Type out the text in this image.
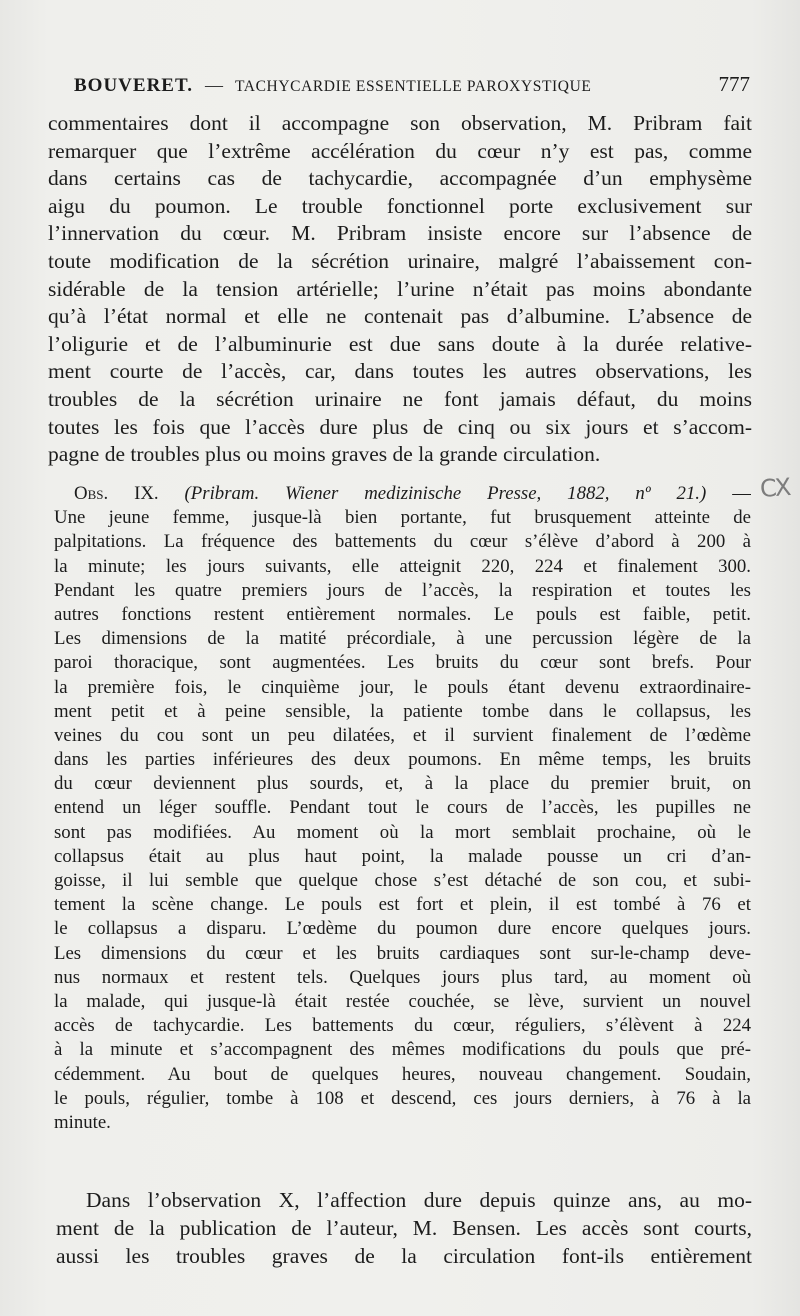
BOUVERET. — TACHYCARDIE ESSENTIELLE PAROXYSTIQUE	777
commentaires dont il accompagne son observation, M. Pribram fait
remarquer que l’extrême accélération du cœur n’y est pas, comme
dans certains cas de tachycardie, accompagnée d’un emphysème
aigu du poumon. Le trouble fonctionnel porte exclusivement sur
l’innervation du cœur. M. Pribram insiste encore sur l’absence de
toute modification de la sécrétion urinaire, malgré l’abaissement con-
sidérable de la tension artérielle; l’urine n’était pas moins abondante
qu’à l’état normal et elle ne contenait pas d’albumine. L’absence de
l’oligurie et de l’albuminurie est due sans doute à la durée relative-
ment courte de l’accès, car, dans toutes les autres observations, les
troubles de la sécrétion urinaire ne font jamais défaut, du moins
toutes les fois que l’accès dure plus de cinq ou six jours et s’accom-
pagne de troubles plus ou moins graves de la grande circulation.
Obs. IX. (Pribram. Wiener medizinische Presse, 1882, nº 21.) —
Une jeune femme, jusque-là bien portante, fut brusquement atteinte de
palpitations. La fréquence des battements du cœur s’élève d’abord à 200 à
la minute; les jours suivants, elle atteignit 220, 224 et finalement 300.
Pendant les quatre premiers jours de l’accès, la respiration et toutes les
autres fonctions restent entièrement normales. Le pouls est faible, petit.
Les dimensions de la matité précordiale, à une percussion légère de la
paroi thoracique, sont augmentées. Les bruits du cœur sont brefs. Pour
la première fois, le cinquième jour, le pouls étant devenu extraordinaire-
ment petit et à peine sensible, la patiente tombe dans le collapsus, les
veines du cou sont un peu dilatées, et il survient finalement de l’œdème
dans les parties inférieures des deux poumons. En même temps, les bruits
du cœur deviennent plus sourds, et, à la place du premier bruit, on
entend un léger souffle. Pendant tout le cours de l’accès, les pupilles ne
sont pas modifiées. Au moment où la mort semblait prochaine, où le
collapsus était au plus haut point, la malade pousse un cri d’an-
goisse, il lui semble que quelque chose s’est détaché de son cou, et subi-
tement la scène change. Le pouls est fort et plein, il est tombé à 76 et
le collapsus a disparu. L’œdème du poumon dure encore quelques jours.
Les dimensions du cœur et les bruits cardiaques sont sur-le-champ deve-
nus normaux et restent tels. Quelques jours plus tard, au moment où
la malade, qui jusque-là était restée couchée, se lève, survient un nouvel
accès de tachycardie. Les battements du cœur, réguliers, s’élèvent à 224
à la minute et s’accompagnent des mêmes modifications du pouls que pré-
cédemment. Au bout de quelques heures, nouveau changement. Soudain,
le pouls, régulier, tombe à 108 et descend, ces jours derniers, à 76 à la
minute.
Dans l’observation X, l’affection dure depuis quinze ans, au mo-
ment de la publication de l’auteur, M. Bensen. Les accès sont courts,
aussi les troubles graves de la circulation font-ils entièrement
CX
